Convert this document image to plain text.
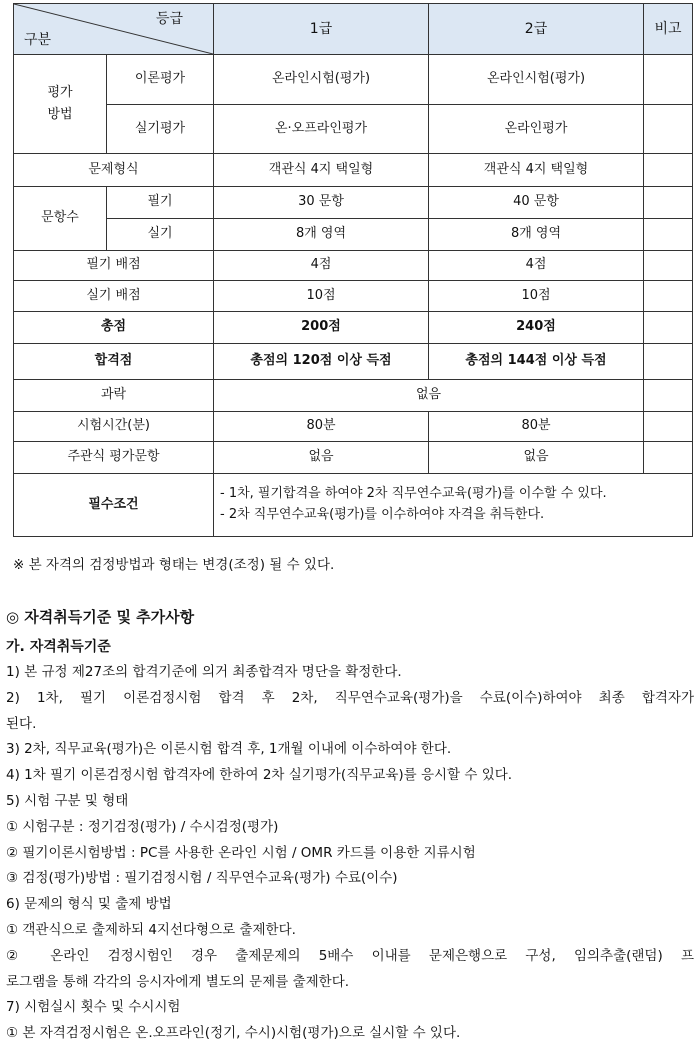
등급
구분		1급	2급	비고
평가
방법	이론평가	온라인시험(평가)	온라인시험(평가)	
	실기평가	온·오프라인평가	온라인평가	
문제형식		객관식 4지 택일형	객관식 4지 택일형	
문항수	필기	30 문항	40 문항	
	실기	8개 영역	8개 영역	
필기 배점		4점	4점	
실기 배점		10점	10점	
총점		200점	240점	
합격점		총점의 120점 이상 득점	총점의 144점 이상 득점	
과락		없음		
시험시간(분)		80분	80분	
주관식 평가문항		없음	없음	
필수조건		- 1차, 필기합격을 하여야 2차 직무연수교육(평가)를 이수할 수 있다.
- 2차 직무연수교육(평가)를 이수하여야 자격을 취득한다.		
※ 본 자격의 검정방법과 형태는 변경(조정) 될 수 있다.
◎ 자격취득기준 및 추가사항
가. 자격취득기준
1) 본 규정 제27조의 합격기준에 의거 최종합격자 명단을 확정한다.
2) 1차, 필기 이론검정시험 합격 후 2차, 직무연수교육(평가)을 수료(이수)하여야 최종 합격자가
된다.
3) 2차, 직무교육(평가)은 이론시험 합격 후, 1개월 이내에 이수하여야 한다.
4) 1차 필기 이론검정시험 합격자에 한하여 2차 실기평가(직무교육)를 응시할 수 있다.
5) 시험 구분 및 형태
① 시험구분 : 정기검정(평가) / 수시검정(평가)
② 필기이론시험방법 : PC를 사용한 온라인 시험 / OMR 카드를 이용한 지류시험
③ 검정(평가)방법 : 필기검정시험 / 직무연수교육(평가) 수료(이수)
6) 문제의 형식 및 출제 방법
① 객관식으로 출제하되 4지선다형으로 출제한다.
② 온라인 검정시험인 경우 출제문제의 5배수 이내를 문제은행으로 구성, 임의추출(랜덤) 프
로그램을 통해 각각의 응시자에게 별도의 문제를 출제한다.
7) 시험실시 횟수 및 수시시험
① 본 자격검정시험은 온.오프라인(정기, 수시)시험(평가)으로 실시할 수 있다.
